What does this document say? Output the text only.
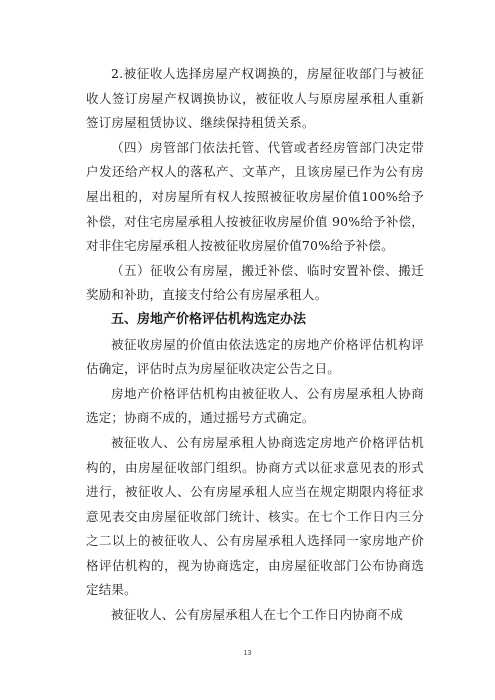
2.被征收人选择房屋产权调换的，房屋征收部门与被征收人签订房屋产权调换协议，被征收人与原房屋承租人重新签订房屋租赁协议、继续保持租赁关系。

（四）房管部门依法托管、代管或者经房管部门决定带户发还给产权人的落私产、文革产，且该房屋已作为公有房屋出租的，对房屋所有权人按照被征收房屋价值100%给予补偿，对住宅房屋承租人按被征收房屋价值 90%给予补偿，对非住宅房屋承租人按被征收房屋价值70%给予补偿。

（五）征收公有房屋，搬迁补偿、临时安置补偿、搬迁奖励和补助，直接支付给公有房屋承租人。

五、房地产价格评估机构选定办法

被征收房屋的价值由依法选定的房地产价格评估机构评估确定，评估时点为房屋征收决定公告之日。

房地产价格评估机构由被征收人、公有房屋承租人协商选定；协商不成的，通过摇号方式确定。

被征收人、公有房屋承租人协商选定房地产价格评估机构的，由房屋征收部门组织。协商方式以征求意见表的形式进行，被征收人、公有房屋承租人应当在规定期限内将征求意见表交由房屋征收部门统计、核实。在七个工作日内三分之二以上的被征收人、公有房屋承租人选择同一家房地产价格评估机构的，视为协商选定，由房屋征收部门公布协商选定结果。

被征收人、公有房屋承租人在七个工作日内协商不成

13
